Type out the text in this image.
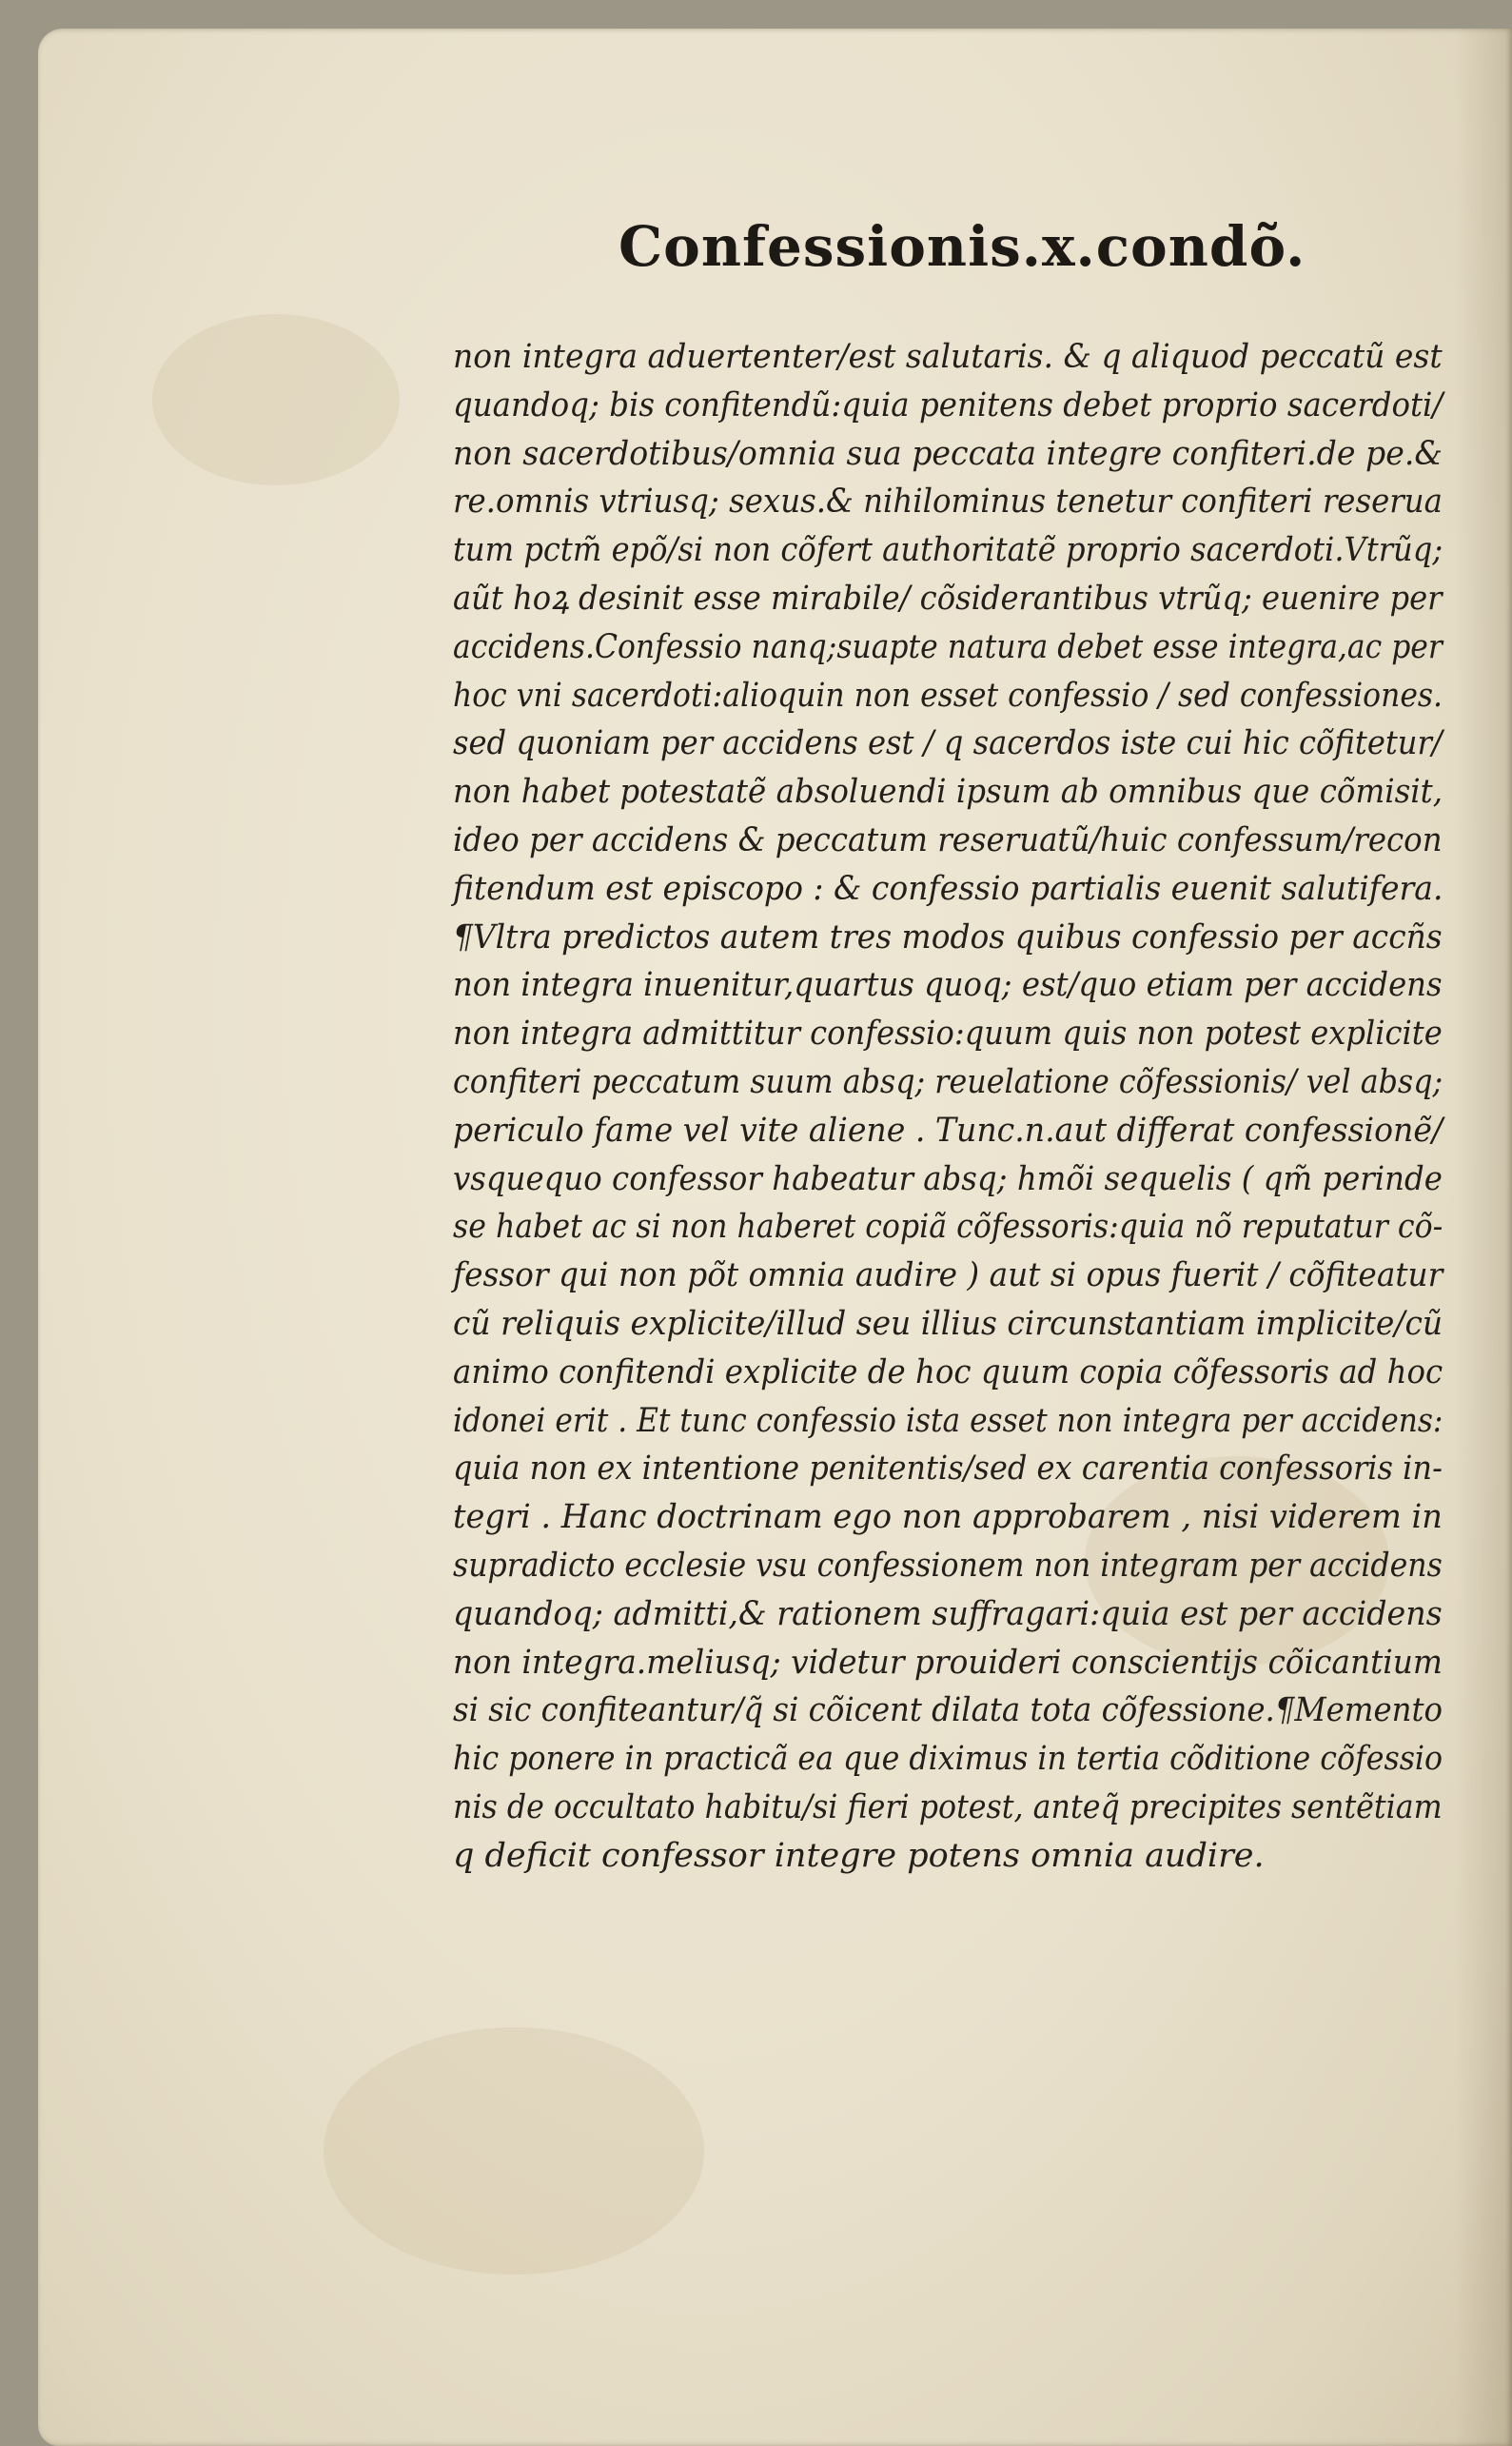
Confessionis.x.condõ.
non integra aduertenter/est salutaris. & q aliquod peccatũ est
quandoq; bis confitendũ:quia penitens debet proprio sacerdoti/
non sacerdotibus/omnia sua peccata integre confiteri.de pe.&
re.omnis vtriusq; sexus.& nihilominus tenetur confiteri reserua
tum pctm̃ epõ/si non cõfert authoritatẽ proprio sacerdoti.Vtrũq;
aũt hoꝝ desinit esse mirabile/ cõsiderantibus vtrũq; euenire per
accidens.Confessio nanq;suapte natura debet esse integra,ac per
hoc vni sacerdoti:alioquin non esset confessio / sed confessiones.
sed quoniam per accidens est / q sacerdos iste cui hic cõfitetur/
non habet potestatẽ absoluendi ipsum ab omnibus que cõmisit,
ideo per accidens & peccatum reseruatũ/huic confessum/recon
fitendum est episcopo : & confessio partialis euenit salutifera.
¶Vltra predictos autem tres modos quibus confessio per accñs
non integra inuenitur,quartus quoq; est/quo etiam per accidens
non integra admittitur confessio:quum quis non potest explicite
confiteri peccatum suum absq; reuelatione cõfessionis/ vel absq;
periculo fame vel vite aliene . Tunc.n.aut differat confessionẽ/
vsquequo confessor habeatur absq; hmõi sequelis ( qm̃ perinde
se habet ac si non haberet copiã cõfessoris:quia nõ reputatur cõ-
fessor qui non põt omnia audire ) aut si opus fuerit / cõfiteatur
cũ reliquis explicite/illud seu illius circunstantiam implicite/cũ
animo confitendi explicite de hoc quum copia cõfessoris ad hoc
idonei erit . Et tunc confessio ista esset non integra per accidens:
quia non ex intentione penitentis/sed ex carentia confessoris in-
tegri . Hanc doctrinam ego non approbarem , nisi viderem in
supradicto ecclesie vsu confessionem non integram per accidens
quandoq; admitti,& rationem suffragari:quia est per accidens
non integra.meliusq; videtur prouideri conscientijs cõicantium
si sic confiteantur/q̃ si cõicent dilata tota cõfessione.¶Memento
hic ponere in practicã ea que diximus in tertia cõditione cõfessio
nis de occultato habitu/si fieri potest, anteq̃ precipites sentẽtiam
q deficit confessor integre potens omnia audire.
